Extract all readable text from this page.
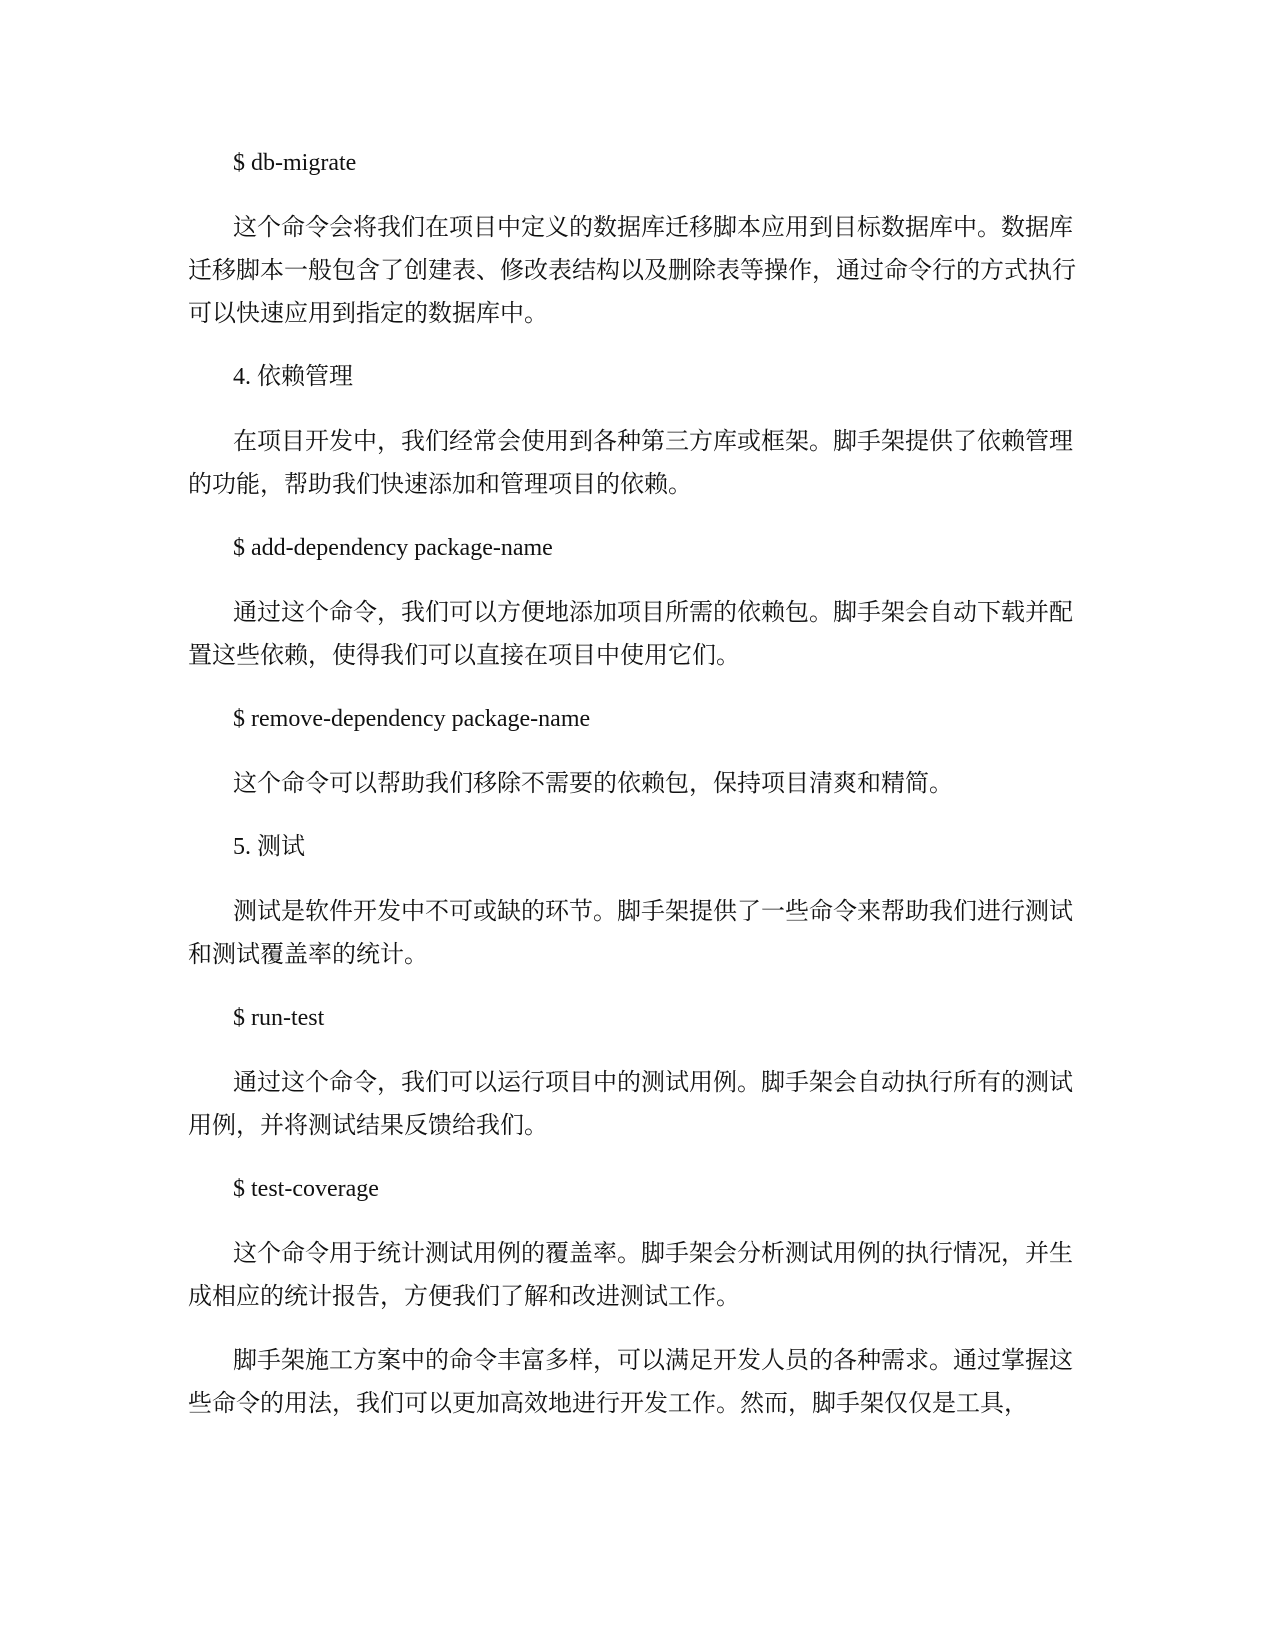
$ db-migrate

这个命令会将我们在项目中定义的数据库迁移脚本应用到目标数据库中。数据库迁移脚本一般包含了创建表、修改表结构以及删除表等操作，通过命令行的方式执行可以快速应用到指定的数据库中。

4. 依赖管理

在项目开发中，我们经常会使用到各种第三方库或框架。脚手架提供了依赖管理的功能，帮助我们快速添加和管理项目的依赖。

$ add-dependency package-name

通过这个命令，我们可以方便地添加项目所需的依赖包。脚手架会自动下载并配置这些依赖，使得我们可以直接在项目中使用它们。

$ remove-dependency package-name

这个命令可以帮助我们移除不需要的依赖包，保持项目清爽和精简。

5. 测试

测试是软件开发中不可或缺的环节。脚手架提供了一些命令来帮助我们进行测试和测试覆盖率的统计。

$ run-test

通过这个命令，我们可以运行项目中的测试用例。脚手架会自动执行所有的测试用例，并将测试结果反馈给我们。

$ test-coverage

这个命令用于统计测试用例的覆盖率。脚手架会分析测试用例的执行情况，并生成相应的统计报告，方便我们了解和改进测试工作。

脚手架施工方案中的命令丰富多样，可以满足开发人员的各种需求。通过掌握这些命令的用法，我们可以更加高效地进行开发工作。然而，脚手架仅仅是工具，
